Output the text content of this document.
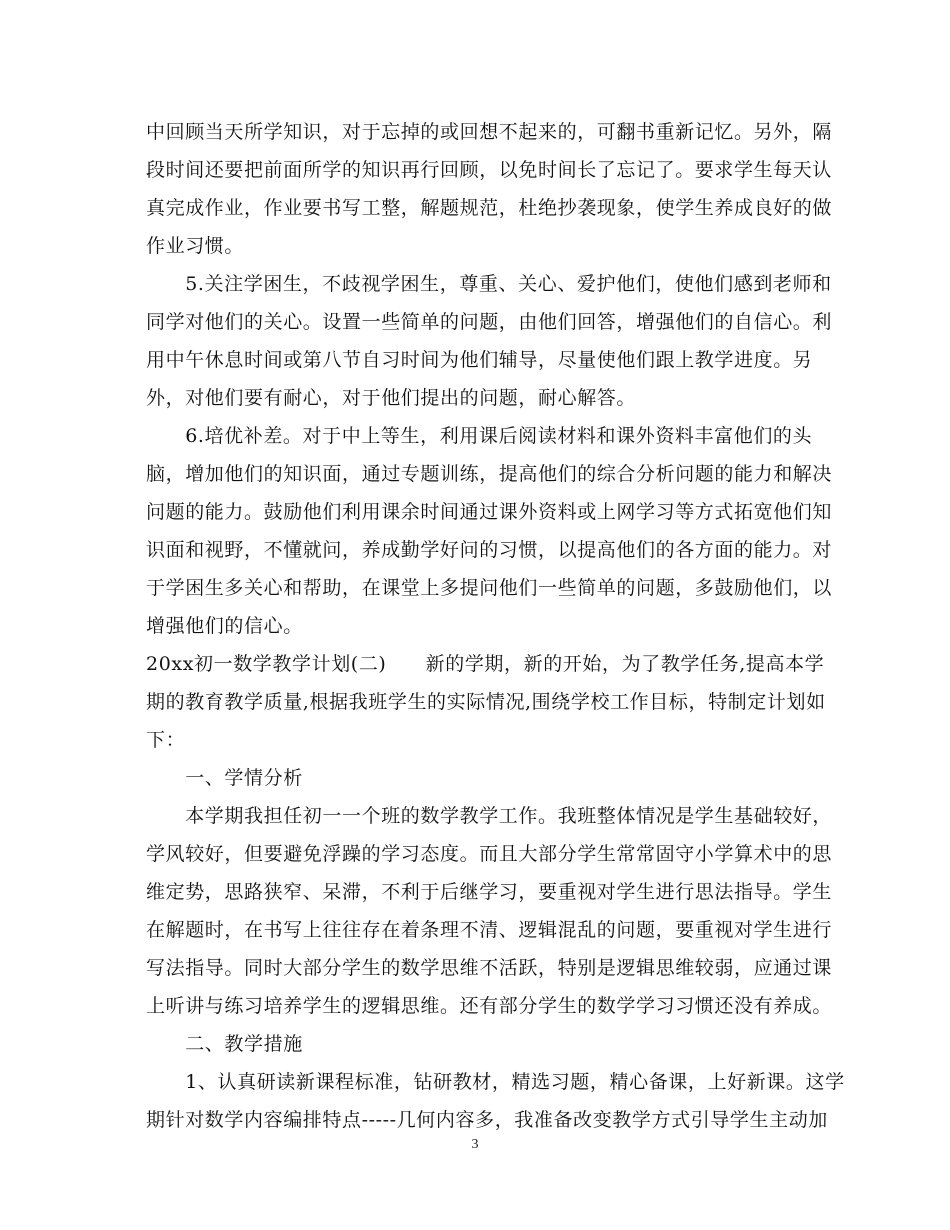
中回顾当天所学知识，对于忘掉的或回想不起来的，可翻书重新记忆。另外，隔
段时间还要把前面所学的知识再行回顾，以免时间长了忘记了。要求学生每天认
真完成作业，作业要书写工整，解题规范，杜绝抄袭现象，使学生养成良好的做
作业习惯。
　　5.关注学困生，不歧视学困生，尊重、关心、爱护他们，使他们感到老师和
同学对他们的关心。设置一些简单的问题，由他们回答，增强他们的自信心。利
用中午休息时间或第八节自习时间为他们辅导，尽量使他们跟上教学进度。另
外，对他们要有耐心，对于他们提出的问题，耐心解答。
　　6.培优补差。对于中上等生，利用课后阅读材料和课外资料丰富他们的头
脑，增加他们的知识面，通过专题训练，提高他们的综合分析问题的能力和解决
问题的能力。鼓励他们利用课余时间通过课外资料或上网学习等方式拓宽他们知
识面和视野，不懂就问，养成勤学好问的习惯，以提高他们的各方面的能力。对
于学困生多关心和帮助，在课堂上多提问他们一些简单的问题，多鼓励他们，以
增强他们的信心。
20xx初一数学教学计划(二)　　新的学期，新的开始，为了教学任务,提高本学
期的教育教学质量,根据我班学生的实际情况,围绕学校工作目标，特制定计划如
下：
　　一、学情分析
　　本学期我担任初一一个班的数学教学工作。我班整体情况是学生基础较好，
学风较好，但要避免浮躁的学习态度。而且大部分学生常常固守小学算术中的思
维定势，思路狭窄、呆滞，不利于后继学习，要重视对学生进行思法指导。学生
在解题时，在书写上往往存在着条理不清、逻辑混乱的问题，要重视对学生进行
写法指导。同时大部分学生的数学思维不活跃，特别是逻辑思维较弱，应通过课
上听讲与练习培养学生的逻辑思维。还有部分学生的数学学习习惯还没有养成。
　　二、教学措施
　　1、认真研读新课程标准，钻研教材，精选习题，精心备课，上好新课。这学
期针对数学内容编排特点-----几何内容多，我准备改变教学方式引导学生主动加
3
